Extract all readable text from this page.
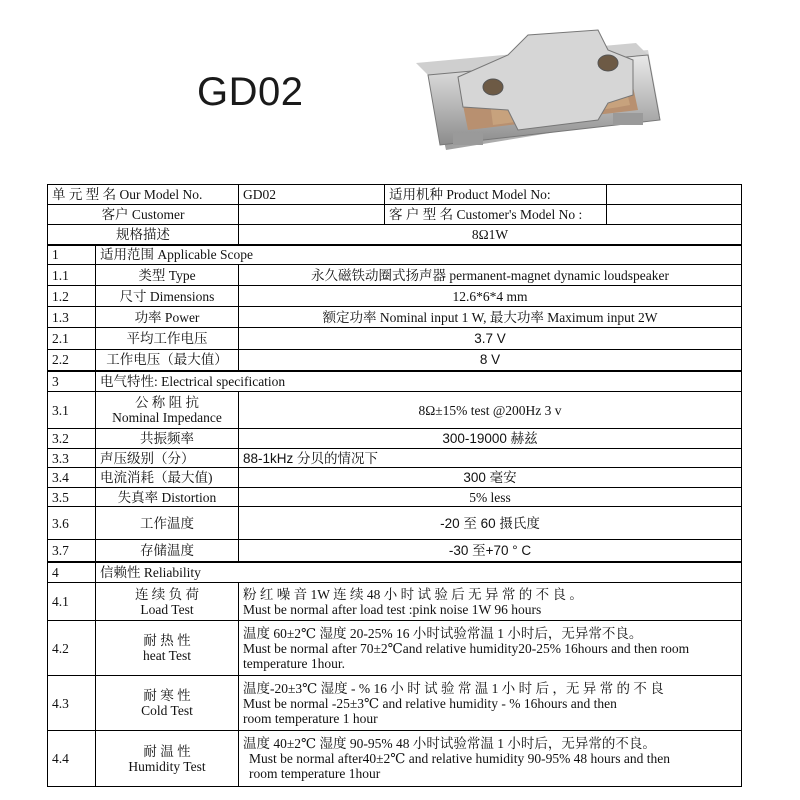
GD02
单 元 型 名 Our Model No.		GD02	适用机种 Product Model No:	
客户 Customer			客 户 型 名 Customer's Model No :	
规格描述		8Ω1W		
1	适用范围 Applicable Scope			
1.1	类型 Type	永久磁铁动圈式扬声器 permanent-magnet dynamic loudspeaker		
1.2	尺寸 Dimensions	12.6*6*4 mm		
1.3	功率 Power	额定功率 Nominal input 1 W, 最大功率 Maximum input 2W		
2.1	平均工作电压	3.7 V		
2.2	工作电压（最大值）	8 V		
3	电气特性: Electrical specification			
3.1	公 称 阻 抗
Nominal Impedance	8Ω±15% test @200Hz 3 v		
3.2	共振频率	300-19000 赫兹		
3.3	声压级别（分）	88-1kHz 分贝的情况下		
3.4	电流消耗（最大值)	300 毫安		
3.5	失真率 Distortion	5% less		
3.6	工作温度	-20 至 60 摄氏度		
3.7	存储温度	-30 至+70 ° C		
4	信赖性 Reliability			
4.1	连 续 负 荷
Load Test	粉 红 噪 音 1W 连 续 48 小 时 试 验 后 无 异 常 的 不 良 。
Must be normal after load test :pink noise 1W 96 hours		

4.2	耐 热 性
heat Test	温度 60±2℃ 湿度 20-25% 16 小时试验常温 1 小时后，无异常不良。
Must be normal after 70±2℃and relative humidity20-25% 16hours and then room
temperature 1hour.		

4.3	耐 寒 性
Cold Test	温度-20±3℃ 湿度 - % 16 小 时 试 验 常 温 1 小 时 后 ，无 异 常 的 不 良
Must be normal -25±3℃ and relative humidity - % 16hours and then
room temperature 1 hour		

4.4	耐 温 性
Humidity Test	温度 40±2℃ 湿度 90-95% 48 小时试验常温 1 小时后，无异常的不良。
Must be normal after40±2℃ and relative humidity 90-95% 48 hours and then
room temperature 1hour		
